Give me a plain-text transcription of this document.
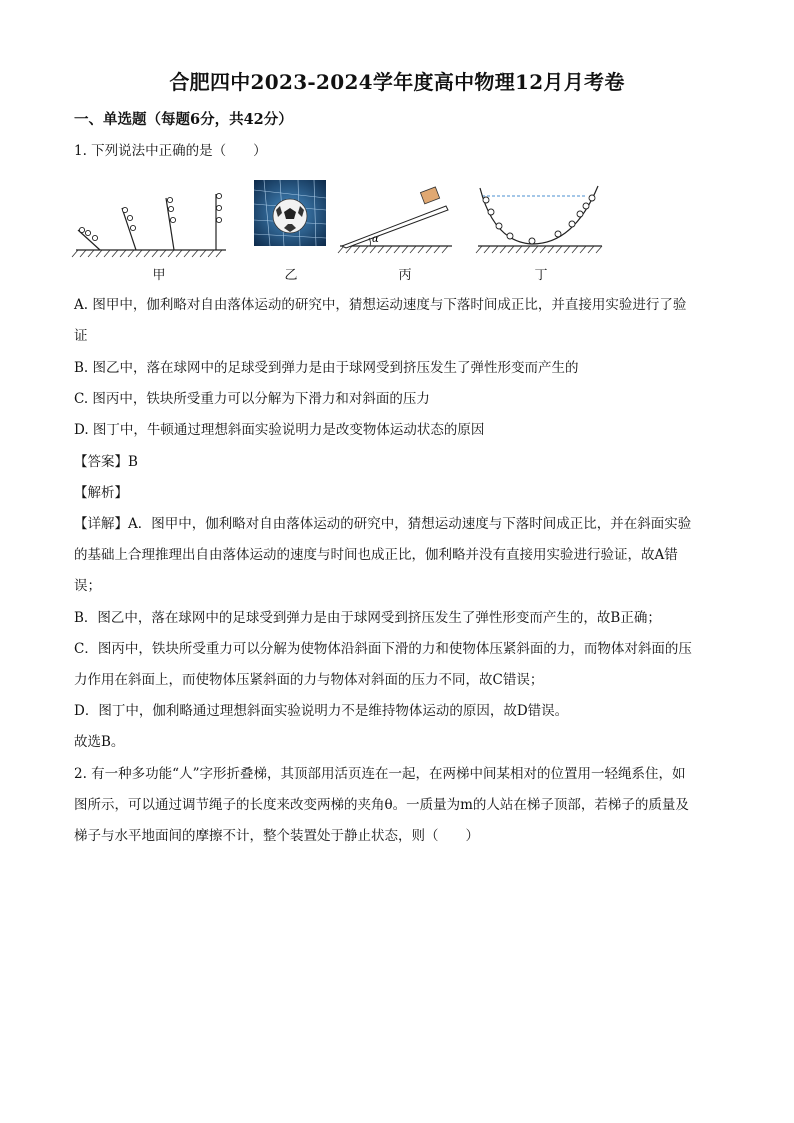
合肥四中2023-2024学年度高中物理12月月考卷
一、单选题（每题6分，共42分）
1. 下列说法中正确的是（　　）
甲	乙
α
丙	丁
A. 图甲中，伽利略对自由落体运动的研究中，猜想运动速度与下落时间成正比，并直接用实验进行了验
证
B. 图乙中，落在球网中的足球受到弹力是由于球网受到挤压发生了弹性形变而产生的
C. 图丙中，铁块所受重力可以分解为下滑力和对斜面的压力
D. 图丁中，牛顿通过理想斜面实验说明力是改变物体运动状态的原因
【答案】B
【解析】
【详解】A．图甲中，伽利略对自由落体运动的研究中，猜想运动速度与下落时间成正比，并在斜面实验
的基础上合理推理出自由落体运动的速度与时间也成正比，伽利略并没有直接用实验进行验证，故A错
误；
B．图乙中，落在球网中的足球受到弹力是由于球网受到挤压发生了弹性形变而产生的，故B正确；
C．图丙中，铁块所受重力可以分解为使物体沿斜面下滑的力和使物体压紧斜面的力，而物体对斜面的压
力作用在斜面上，而使物体压紧斜面的力与物体对斜面的压力不同，故C错误；
D．图丁中，伽利略通过理想斜面实验说明力不是维持物体运动的原因，故D错误。
故选B。
2. 有一种多功能“人”字形折叠梯，其顶部用活页连在一起，在两梯中间某相对的位置用一轻绳系住，如
图所示，可以通过调节绳子的长度来改变两梯的夹角θ。一质量为m的人站在梯子顶部，若梯子的质量及
梯子与水平地面间的摩擦不计，整个装置处于静止状态，则（　　）
